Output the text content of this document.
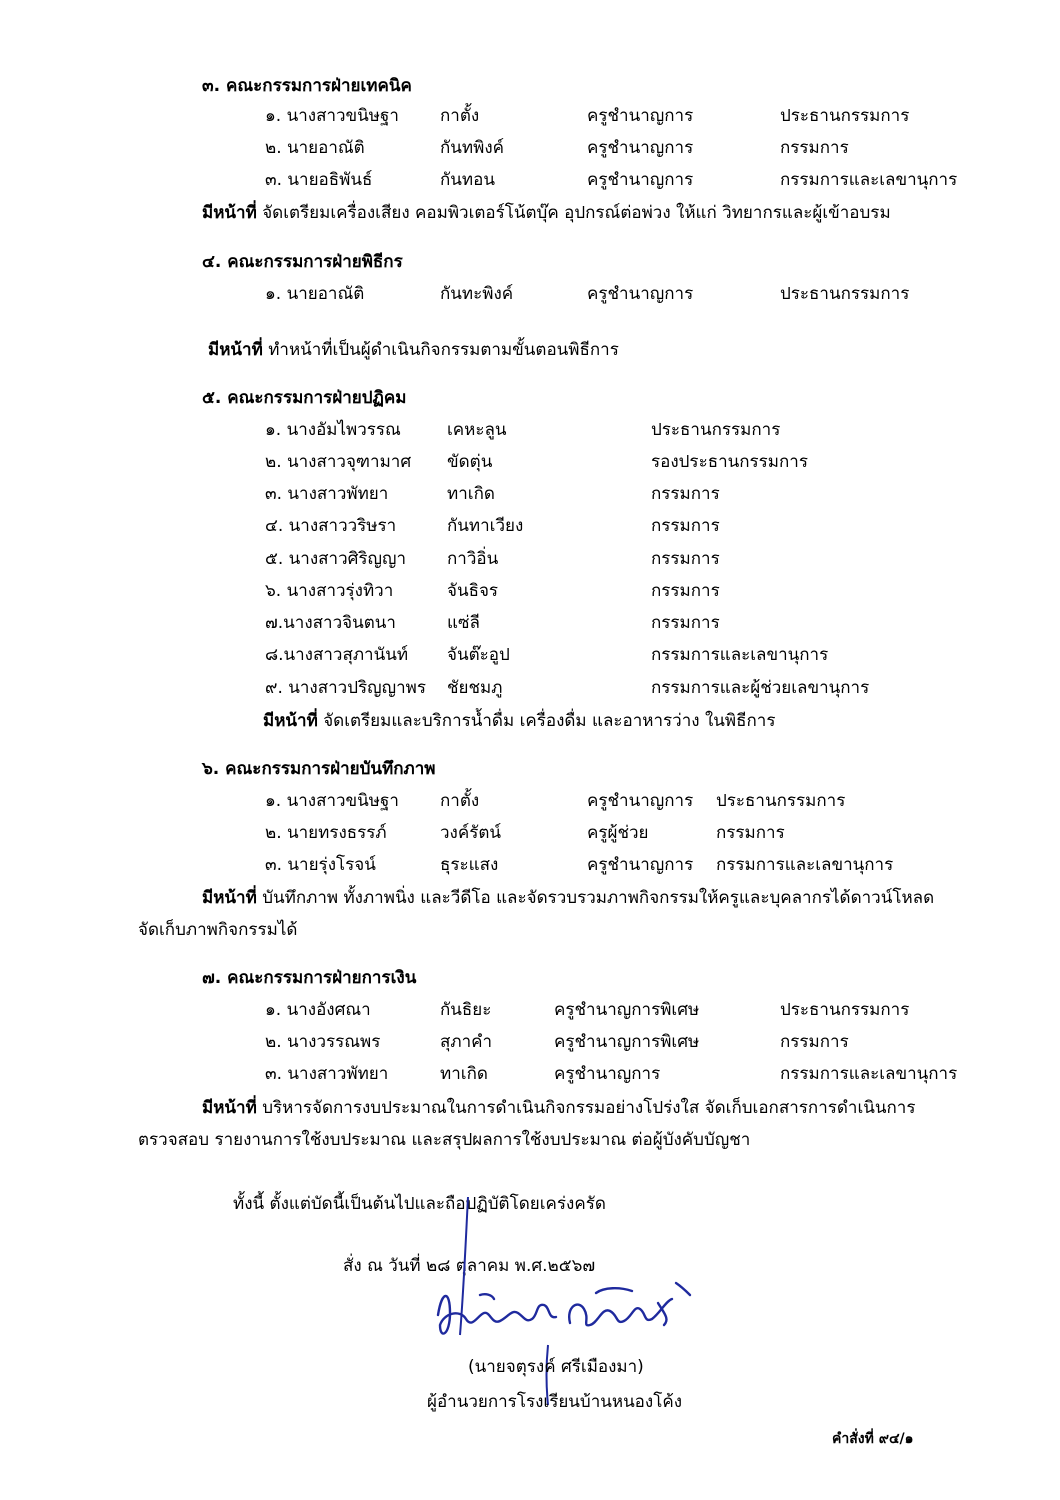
๓. คณะกรรมการฝ่ายเทคนิค
๑. นางสาวขนิษฐา กาตั้ง	ครูชำนาญการ	ประธานกรรมการ
๒. นายอาณัติ	กันทพิงค์	ครูชำนาญการ	กรรมการ
๓. นายอธิพันธ์	กันทอน	ครูชำนาญการ	กรรมการและเลขานุการ
มีหน้าที่ จัดเตรียมเครื่องเสียง คอมพิวเตอร์โน้ตบุ๊ค อุปกรณ์ต่อพ่วง ให้แก่ วิทยากรและผู้เข้าอบรม
๔. คณะกรรมการฝ่ายพิธีกร
๑. นายอาณัติ	กันทะพิงค์	ครูชำนาญการ	ประธานกรรมการ
มีหน้าที่ ทำหน้าที่เป็นผู้ดำเนินกิจกรรมตามขั้นตอนพิธีการ
๕. คณะกรรมการฝ่ายปฏิคม
๑. นางอัมไพวรรณ	เคหะลูน	ประธานกรรมการ
๒. นางสาวจุฑามาศ ขัดตุ่น	รองประธานกรรมการ
๓. นางสาวพัทยา	ทาเกิด	กรรมการ
๔. นางสาววริษรา	กันทาเวียง	กรรมการ
๕. นางสาวศิริญญา กาวิอิ่น	กรรมการ
๖. นางสาวรุ่งทิวา	จันธิจร	กรรมการ
๗.นางสาวจินตนา	แซ่ลี	กรรมการ
๘.นางสาวสุภานันท์ จันต๊ะอูป	กรรมการและเลขานุการ
๙. นางสาวปริญญาพร ชัยชมภู	กรรมการและผู้ช่วยเลขานุการ
มีหน้าที่ จัดเตรียมและบริการน้ำดื่ม เครื่องดื่ม และอาหารว่าง ในพิธีการ
๖. คณะกรรมการฝ่ายบันทึกภาพ
๑. นางสาวขนิษฐา กาตั้ง	ครูชำนาญการ ประธานกรรมการ
๒. นายทรงธรรภ์	วงค์รัตน์	ครูผู้ช่วย	กรรมการ
๓. นายรุ่งโรจน์	ธุระแสง	ครูชำนาญการ กรรมการและเลขานุการ
มีหน้าที่ บันทึกภาพ ทั้งภาพนิ่ง และวีดีโอ และจัดรวบรวมภาพกิจกรรมให้ครูและบุคลากรได้ดาวน์โหลด
จัดเก็บภาพกิจกรรมได้
๗. คณะกรรมการฝ่ายการเงิน
๑. นางอังศณา	กันธิยะ	ครูชำนาญการพิเศษ	ประธานกรรมการ
๒. นางวรรณพร	สุภาคำ	ครูชำนาญการพิเศษ	กรรมการ
๓. นางสาวพัทยา	ทาเกิด	ครูชำนาญการ	กรรมการและเลขานุการ
มีหน้าที่ บริหารจัดการงบประมาณในการดำเนินกิจกรรมอย่างโปร่งใส จัดเก็บเอกสารการดำเนินการ
ตรวจสอบ รายงานการใช้งบประมาณ และสรุปผลการใช้งบประมาณ ต่อผู้บังคับบัญชา
ทั้งนี้ ตั้งแต่บัดนี้เป็นต้นไปและถือปฏิบัติโดยเคร่งครัด
สั่ง ณ วันที่ ๒๘ ตุลาคม พ.ศ.๒๕๖๗
(นายจตุรงค์ ศรีเมืองมา)
ผู้อำนวยการโรงเรียนบ้านหนองโค้ง
คำสั่งที่ ๙๔/๑
